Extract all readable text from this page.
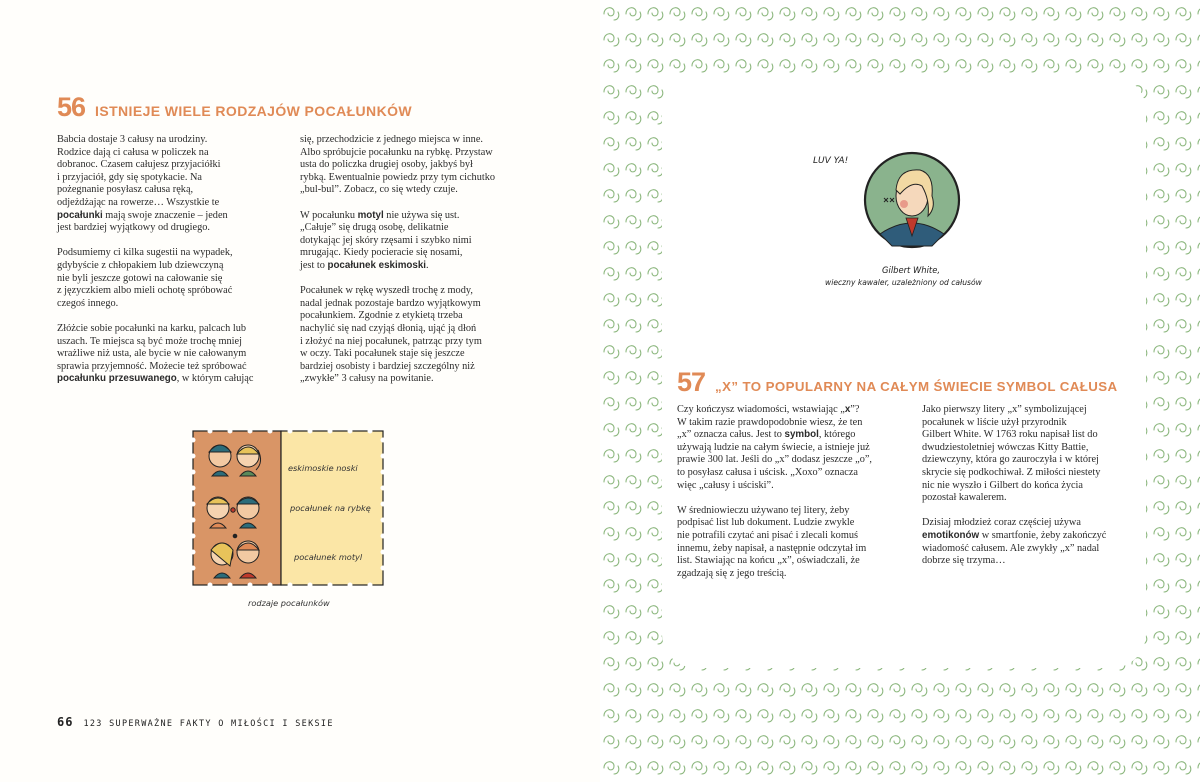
56 ISTNIEJE WIELE RODZAJÓW POCAŁUNKÓW

Babcia dostaje 3 całusy na urodziny.
Rodzice dają ci całusa w policzek na
dobranoc. Czasem całujesz przyjaciółki
i przyjaciół, gdy się spotykacie. Na
pożegnanie posyłasz całusa ręką,
odjeżdżając na rowerze… Wszystkie te
pocałunki mają swoje znaczenie – jeden
jest bardziej wyjątkowy od drugiego.

Podsumiemy ci kilka sugestii na wypadek,
gdybyście z chłopakiem lub dziewczyną
nie byli jeszcze gotowi na całowanie się
z języczkiem albo mieli ochotę spróbować
czegoś innego.

Złóżcie sobie pocałunki na karku, palcach lub
uszach. Te miejsca są być może trochę mniej
wrażliwe niż usta, ale bycie w nie całowanym
sprawia przyjemność. Możecie też spróbować
pocałunku przesuwanego, w którym całując

się, przechodzicie z jednego miejsca w inne.
Albo spróbujcie pocałunku na rybkę. Przystaw
usta do policzka drugiej osoby, jakbyś był
rybką. Ewentualnie powiedz przy tym cichutko
„bul-bul”. Zobacz, co się wtedy czuje.

W pocałunku motyl nie używa się ust.
„Całuje” się drugą osobę, delikatnie
dotykając jej skóry rzęsami i szybko nimi
mrugając. Kiedy pocieracie się nosami,
jest to pocałunek eskimoski.

Pocałunek w rękę wyszedł trochę z mody,
nadal jednak pozostaje bardzo wyjątkowym
pocałunkiem. Zgodnie z etykietą trzeba
nachylić się nad czyjąś dłonią, ująć ją dłoń
i złożyć na niej pocałunek, patrząc przy tym
w oczy. Taki pocałunek staje się jeszcze
bardziej osobisty i bardziej szczególny niż
„zwykłe” 3 całusy na powitanie.

eskimoskie noski
pocałunek na rybkę
pocałunek motyl
rodzaje pocałunków
66 123 SUPERWAŻNE FAKTY O MIŁOŚCI I SEKSIE
LUV YA!
Gilbert White,
wieczny kawaler, uzależniony od całusów
57 „X” TO POPULARNY NA CAŁYM ŚWIECIE SYMBOL CAŁUSA

Czy kończysz wiadomości, wstawiając „x”?
W takim razie prawdopodobnie wiesz, że ten
„x” oznacza całus. Jest to symbol, którego
używają ludzie na całym świecie, a istnieje już
prawie 300 lat. Jeśli do „x” dodasz jeszcze „o”,
to posyłasz całusa i uścisk. „Xoxo” oznacza
więc „całusy i uściski”.

W średniowieczu używano tej litery, żeby
podpisać list lub dokument. Ludzie zwykle
nie potrafili czytać ani pisać i zlecali komuś
innemu, żeby napisał, a następnie odczytał im
list. Stawiając na końcu „x”, oświadczali, że
zgadzają się z jego treścią.

Jako pierwszy litery „x” symbolizującej
pocałunek w liście użył przyrodnik
Gilbert White. W 1763 roku napisał list do
dwudziestoletniej wówczas Kitty Battie,
dziewczyny, która go zauroczyła i w której
skrycie się podkochiwał. Z miłości niestety
nic nie wyszło i Gilbert do końca życia
pozostał kawalerem.

Dzisiaj młodzież coraz częściej używa
emotikonów w smartfonie, żeby zakończyć
wiadomość całusem. Ale zwykły „x” nadal
dobrze się trzyma…
